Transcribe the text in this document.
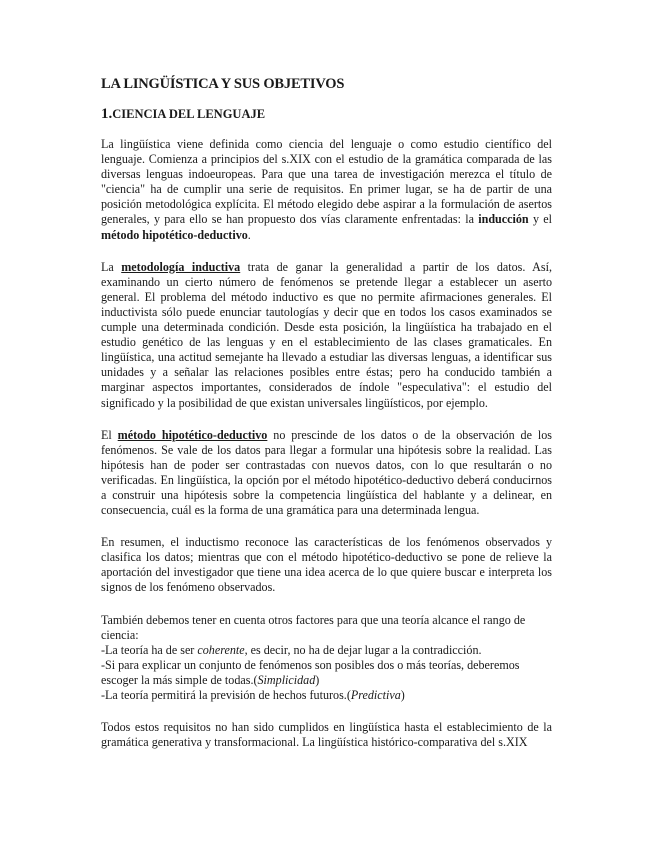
LA LINGÜÍSTICA Y SUS OBJETIVOS
1.CIENCIA DEL LENGUAJE

La lingüística viene definida como ciencia del lenguaje o como estudio científico del lenguaje. Comienza a principios del s.XIX con el estudio de la gramática comparada de las diversas lenguas indoeuropeas. Para que una tarea de investigación merezca el título de "ciencia" ha de cumplir una serie de requisitos. En primer lugar, se ha de partir de una posición metodológica explícita. El método elegido debe aspirar a la formulación de asertos generales, y para ello se han propuesto dos vías claramente enfrentadas: la inducción y el método hipotético-deductivo.

La metodología inductiva trata de ganar la generalidad a partir de los datos. Así, examinando un cierto número de fenómenos se pretende llegar a establecer un aserto general. El problema del método inductivo es que no permite afirmaciones generales. El inductivista sólo puede enunciar tautologías y decir que en todos los casos examinados se cumple una determinada condición. Desde esta posición, la lingüística ha trabajado en el estudio genético de las lenguas y en el establecimiento de las clases gramaticales. En lingüística, una actitud semejante ha llevado a estudiar las diversas lenguas, a identificar sus unidades y a señalar las relaciones posibles entre éstas; pero ha conducido también a marginar aspectos importantes, considerados de índole "especulativa": el estudio del significado y la posibilidad de que existan universales lingüísticos, por ejemplo.

El método hipotético-deductivo no prescinde de los datos o de la observación de los fenómenos. Se vale de los datos para llegar a formular una hipótesis sobre la realidad. Las hipótesis han de poder ser contrastadas con nuevos datos, con lo que resultarán o no verificadas. En lingüística, la opción por el método hipotético-deductivo deberá conducirnos a construir una hipótesis sobre la competencia lingüística del hablante y a delinear, en consecuencia, cuál es la forma de una gramática para una determinada lengua.

En resumen, el inductismo reconoce las características de los fenómenos observados y clasifica los datos; mientras que con el método hipotético-deductivo se pone de relieve la aportación del investigador que tiene una idea acerca de lo que quiere buscar e interpreta los signos de los fenómeno observados.

También debemos tener en cuenta otros factores para que una teoría alcance el rango de ciencia:
-La teoría ha de ser coherente, es decir, no ha de dejar lugar a la contradicción.
-Si para explicar un conjunto de fenómenos son posibles dos o más teorías, deberemos escoger la más simple de todas.(Simplicidad)
-La teoría permitirá la previsión de hechos futuros.(Predictiva)

Todos estos requisitos no han sido cumplidos en lingüística hasta el establecimiento de la gramática generativa y transformacional. La lingüística histórico-comparativa del s.XIX
